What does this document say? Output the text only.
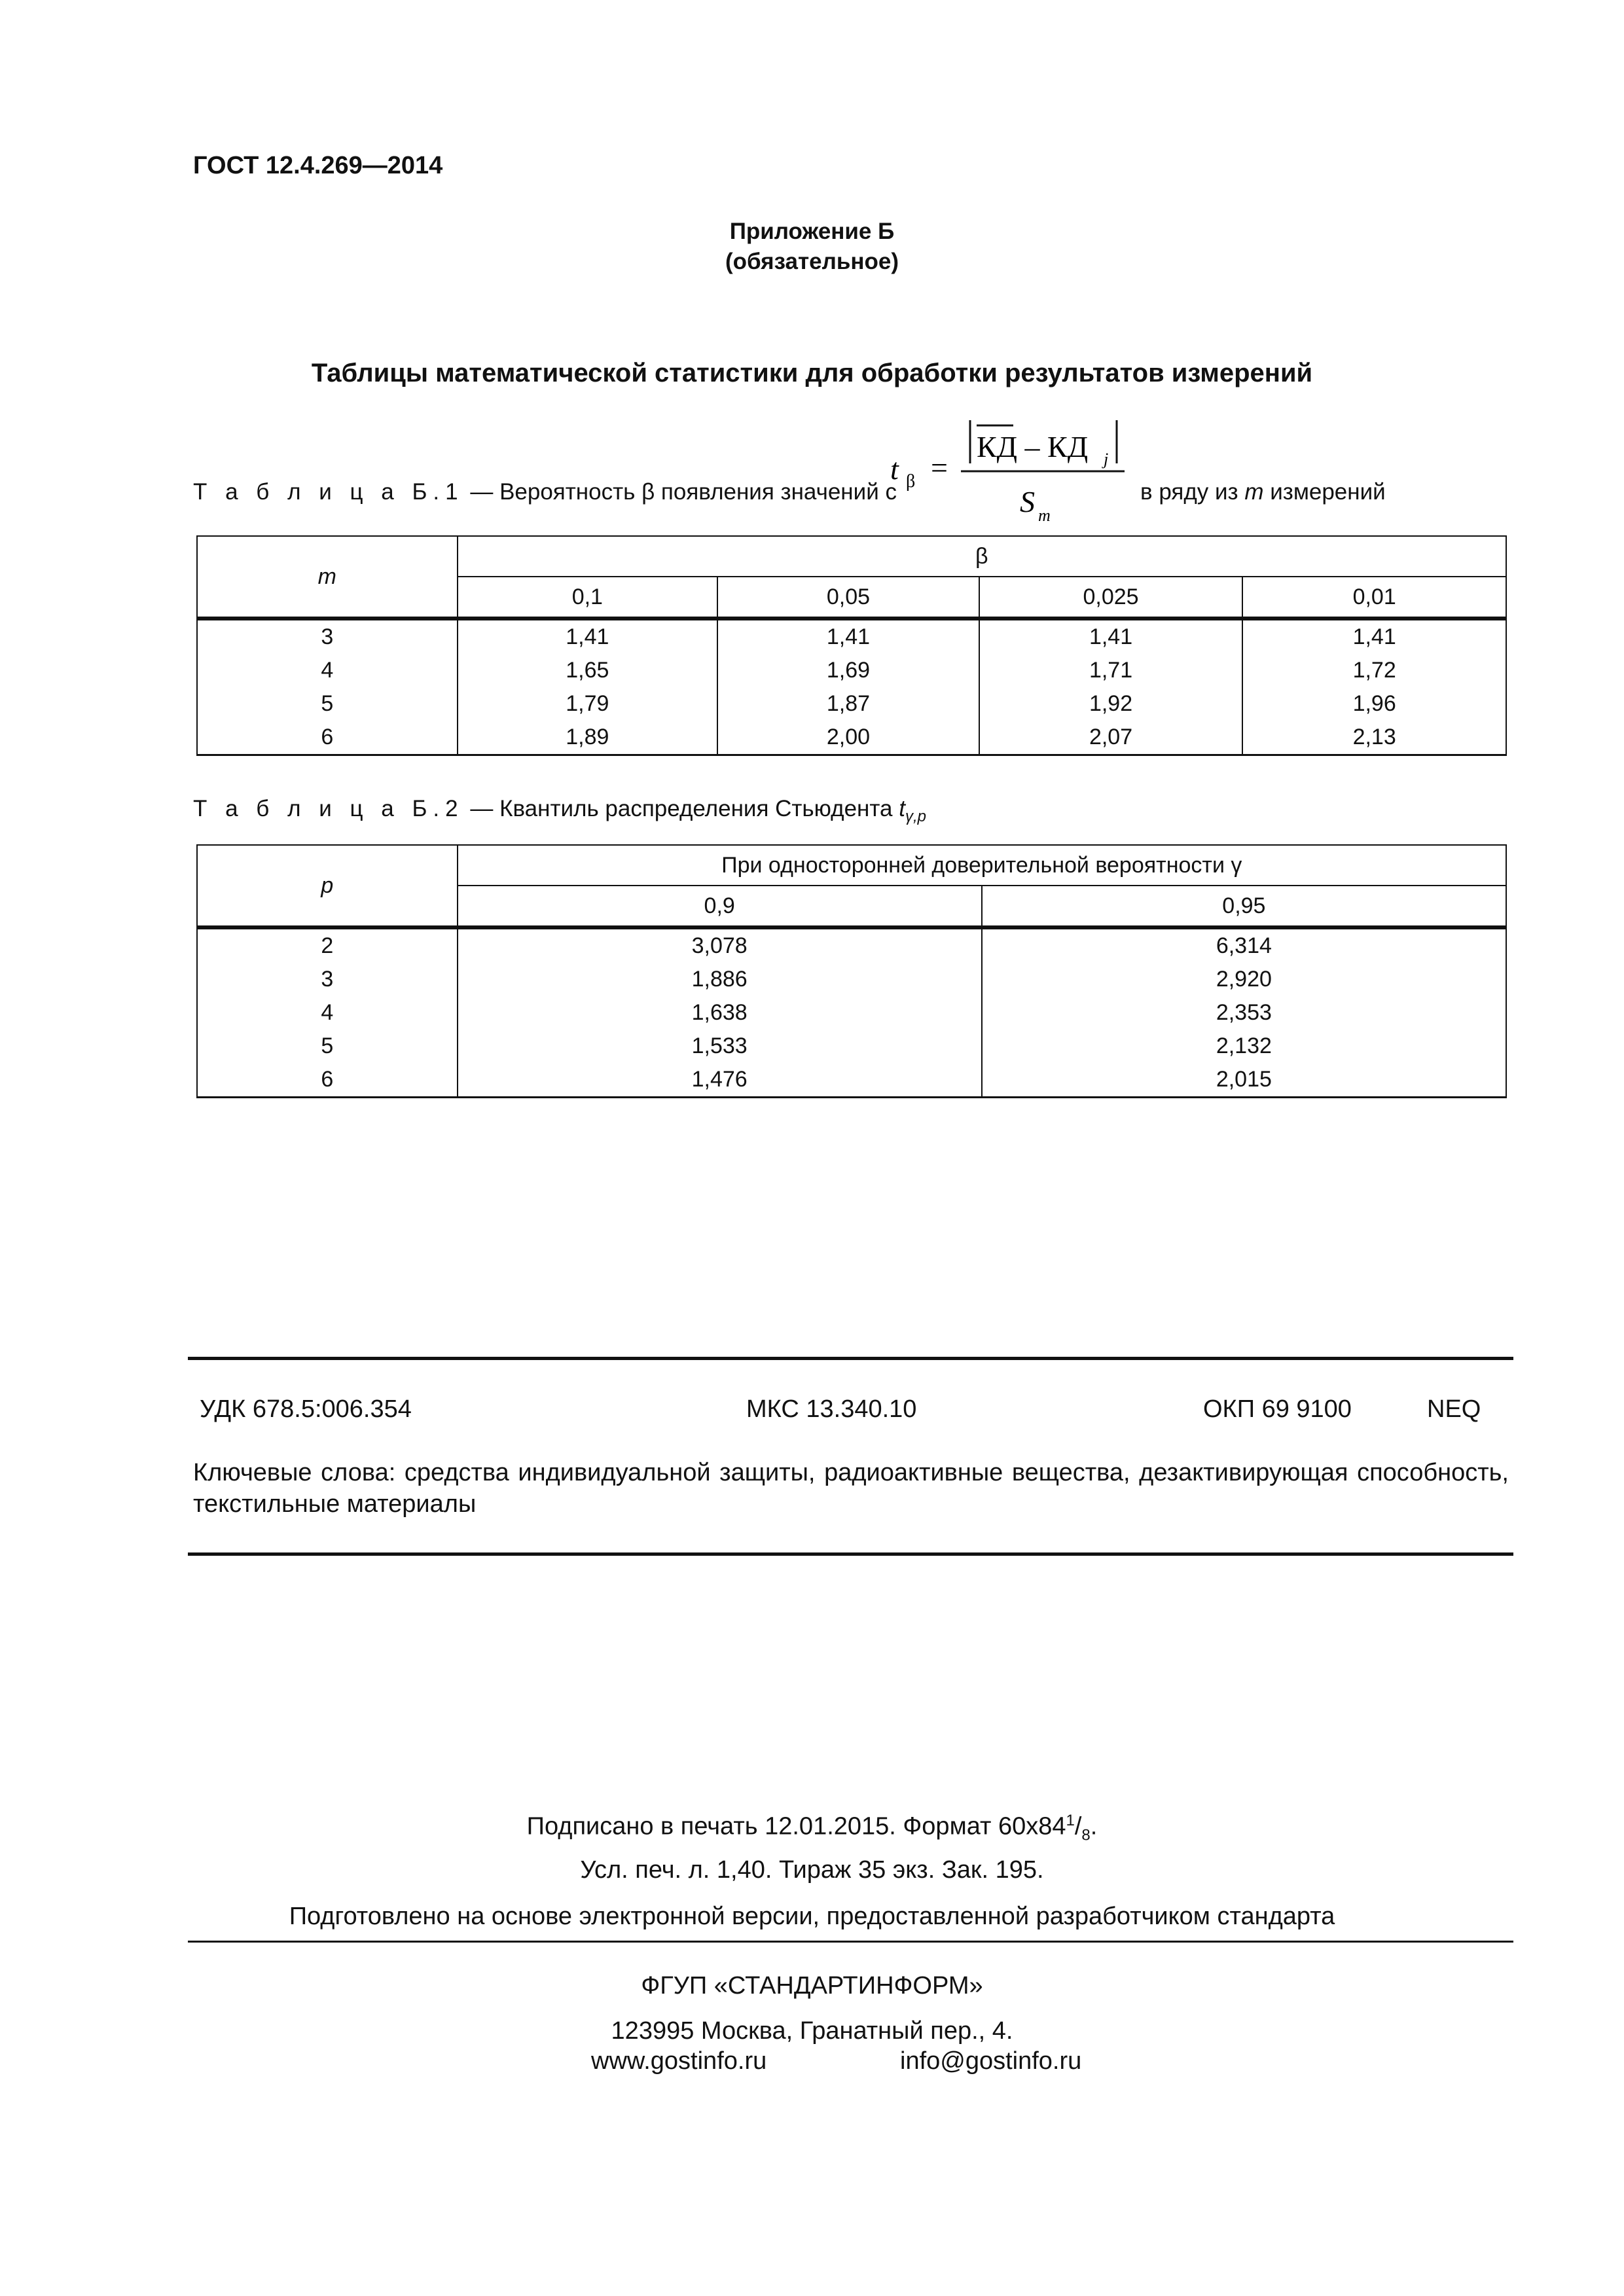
ГОСТ 12.4.269—2014
Приложение Б
(обязательное)
Таблицы математической статистики для обработки результатов измерений
Т а б л и ц а Б.1 — Вероятность β появления значений с
t β =
КД – КД j
S m
в ряду из m измерений
m	β			
	0,1	0,05	0,025	0,01
3	1,41	1,41	1,41	1,41
4	1,65	1,69	1,71	1,72
5	1,79	1,87	1,92	1,96
6	1,89	2,00	2,07	2,13
Т а б л и ц а Б.2 — Квантиль распределения Стьюдента $t_{\gamma,p}$
p	При односторонней доверительной вероятности γ	
	0,9	0,95
2	3,078	6,314
3	1,886	2,920
4	1,638	2,353
5	1,533	2,132
6	1,476	2,015
УДК 678.5:006.354	МКС 13.340.10	ОКП 69 9100	NEQ
Ключевые слова: средства индивидуальной защиты, радиоактивные вещества, дезактивирующая способность, текстильные материалы
Подписано в печать 12.01.2015. Формат $60х84^1/_8$.
Усл. печ. л. 1,40. Тираж 35 экз. Зак. 195.
Подготовлено на основе электронной версии, предоставленной разработчиком стандарта
ФГУП «СТАНДАРТИНФОРМ»
123995 Москва, Гранатный пер., 4.
www.gostinfo.ru	info@gostinfo.ru
